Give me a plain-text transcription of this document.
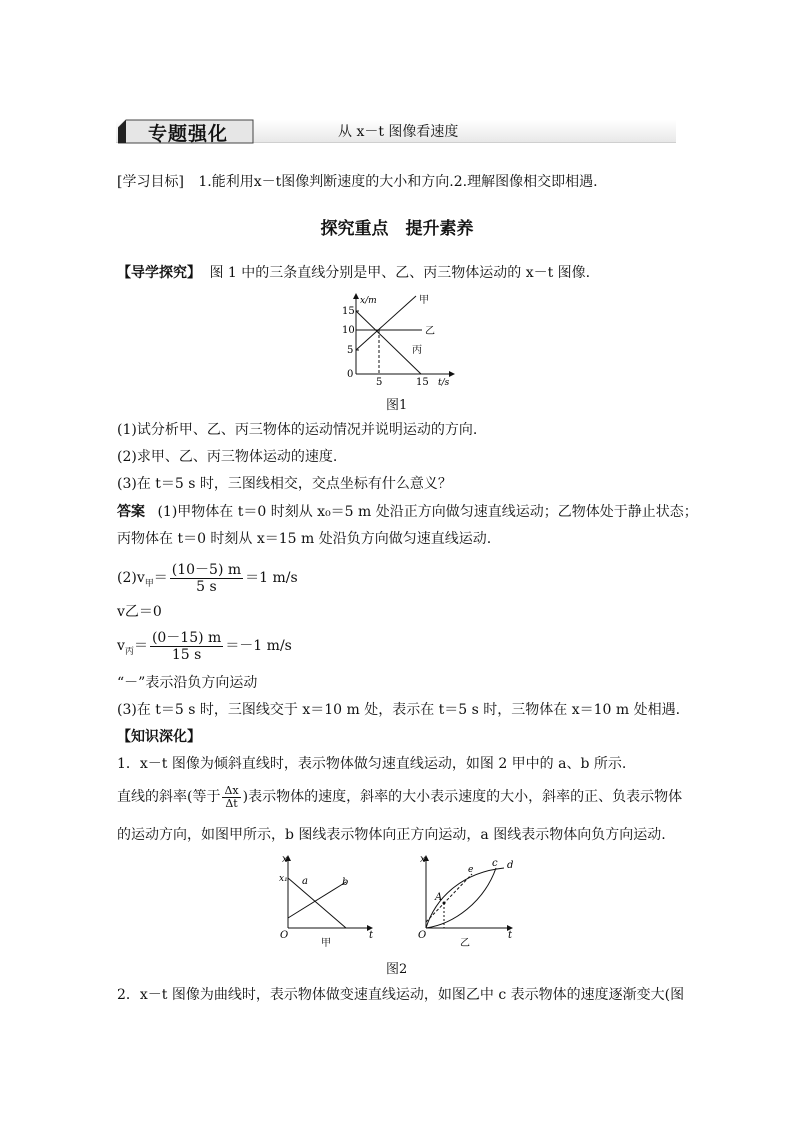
专题强化	从 x－t 图像看速度
[学习目标] 1.能利用x－t图像判断速度的大小和方向.2.理解图像相交即相遇.
探究重点　提升素养
【导学探究】 图 1 中的三条直线分别是甲、乙、丙三物体运动的 x－t 图像.
15
10
5
0
5	15
x/m
t/s
甲
乙
丙
图1
(1)试分析甲、乙、丙三物体的运动情况并说明运动的方向.
(2)求甲、乙、丙三物体运动的速度.
(3)在 t＝5 s 时，三图线相交，交点坐标有什么意义？
答案 (1)甲物体在 t＝0 时刻从 x₀＝5 m 处沿正方向做匀速直线运动；乙物体处于静止状态；
丙物体在 t＝0 时刻从 x＝15 m 处沿负方向做匀速直线运动.
$(2)v_甲= \frac{(10-5) m}{5 s} =1$ m/s
v乙＝0
$v_丙= \frac{(0-15) m}{15 s} =-1$ m/s
“－”表示沿负方向运动
(3)在 t＝5 s 时，三图线交于 x＝10 m 处，表示在 t＝5 s 时，三物体在 x＝10 m 处相遇.
【知识深化】
1．x－t 图像为倾斜直线时，表示物体做匀速直线运动，如图 2 甲中的 a、b 所示.
直线的斜率(等于 $\frac{\Delta x}{\Delta t}$ )表示物体的速度，斜率的大小表示速度的大小，斜率的正、负表示物体
的运动方向，如图甲所示，b 图线表示物体向正方向运动，a 图线表示物体向负方向运动.
x
x₁ a	b
O	t
甲
x
A
e
c d
O	t
乙
图2
2．x－t 图像为曲线时，表示物体做变速直线运动，如图乙中 c 表示物体的速度逐渐变大(图
